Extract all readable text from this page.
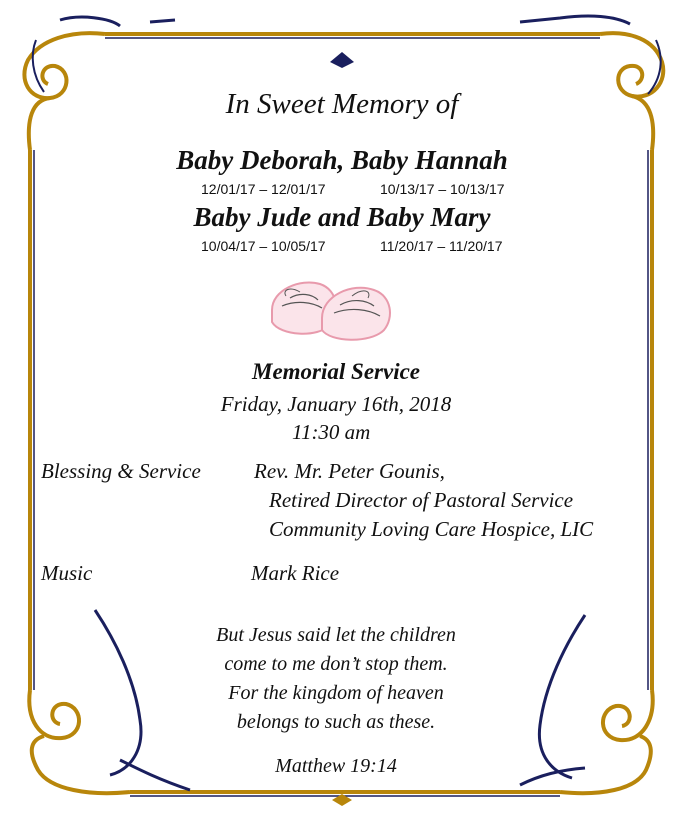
In Sweet Memory of
Baby Deborah, Baby Hannah
12/01/17 – 12/01/17	10/13/17 – 10/13/17
Baby Jude and Baby Mary
10/04/17 – 10/05/17	11/20/17 – 11/20/17
Memorial Service
Friday, January 16th, 2018
11:30 am
Blessing & Service	Rev. Mr. Peter Gounis,
Retired Director of Pastoral Service
Community Loving Care Hospice, LIC
Music	Mark Rice
But Jesus said let the children
come to me don’t stop them.
For the kingdom of heaven
belongs to such as these.
Matthew 19:14
